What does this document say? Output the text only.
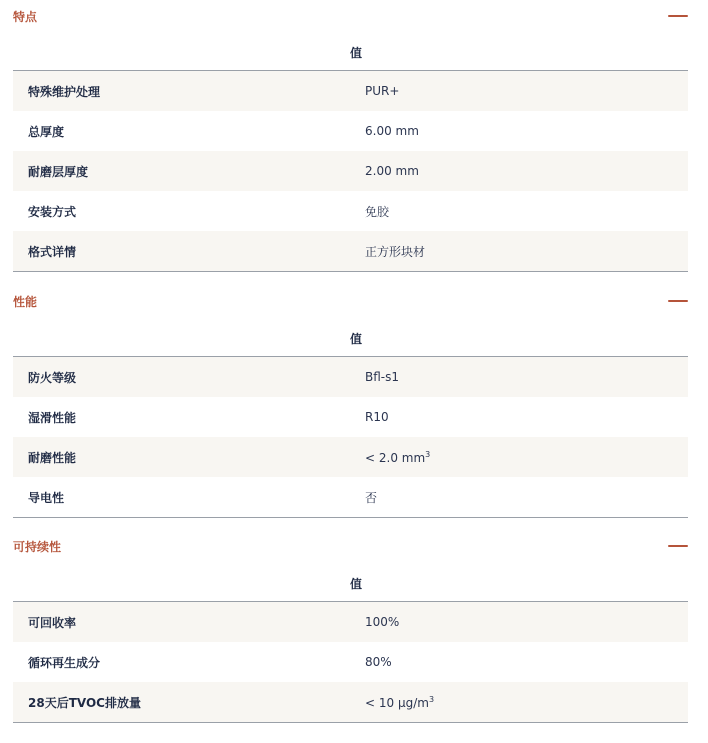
特点
值
特殊维护处理	PUR+
总厚度	6.00 mm
耐磨层厚度	2.00 mm
安装方式	免胶
格式详情	正方形块材
性能
值
防火等级	Bfl-s1
湿滑性能	R10
耐磨性能	< 2.0 $mm^3$
导电性	否
可持续性
值
可回收率	100%
循环再生成分	80%
28天后TVOC排放量	< 10 $\mu g/m^3$
